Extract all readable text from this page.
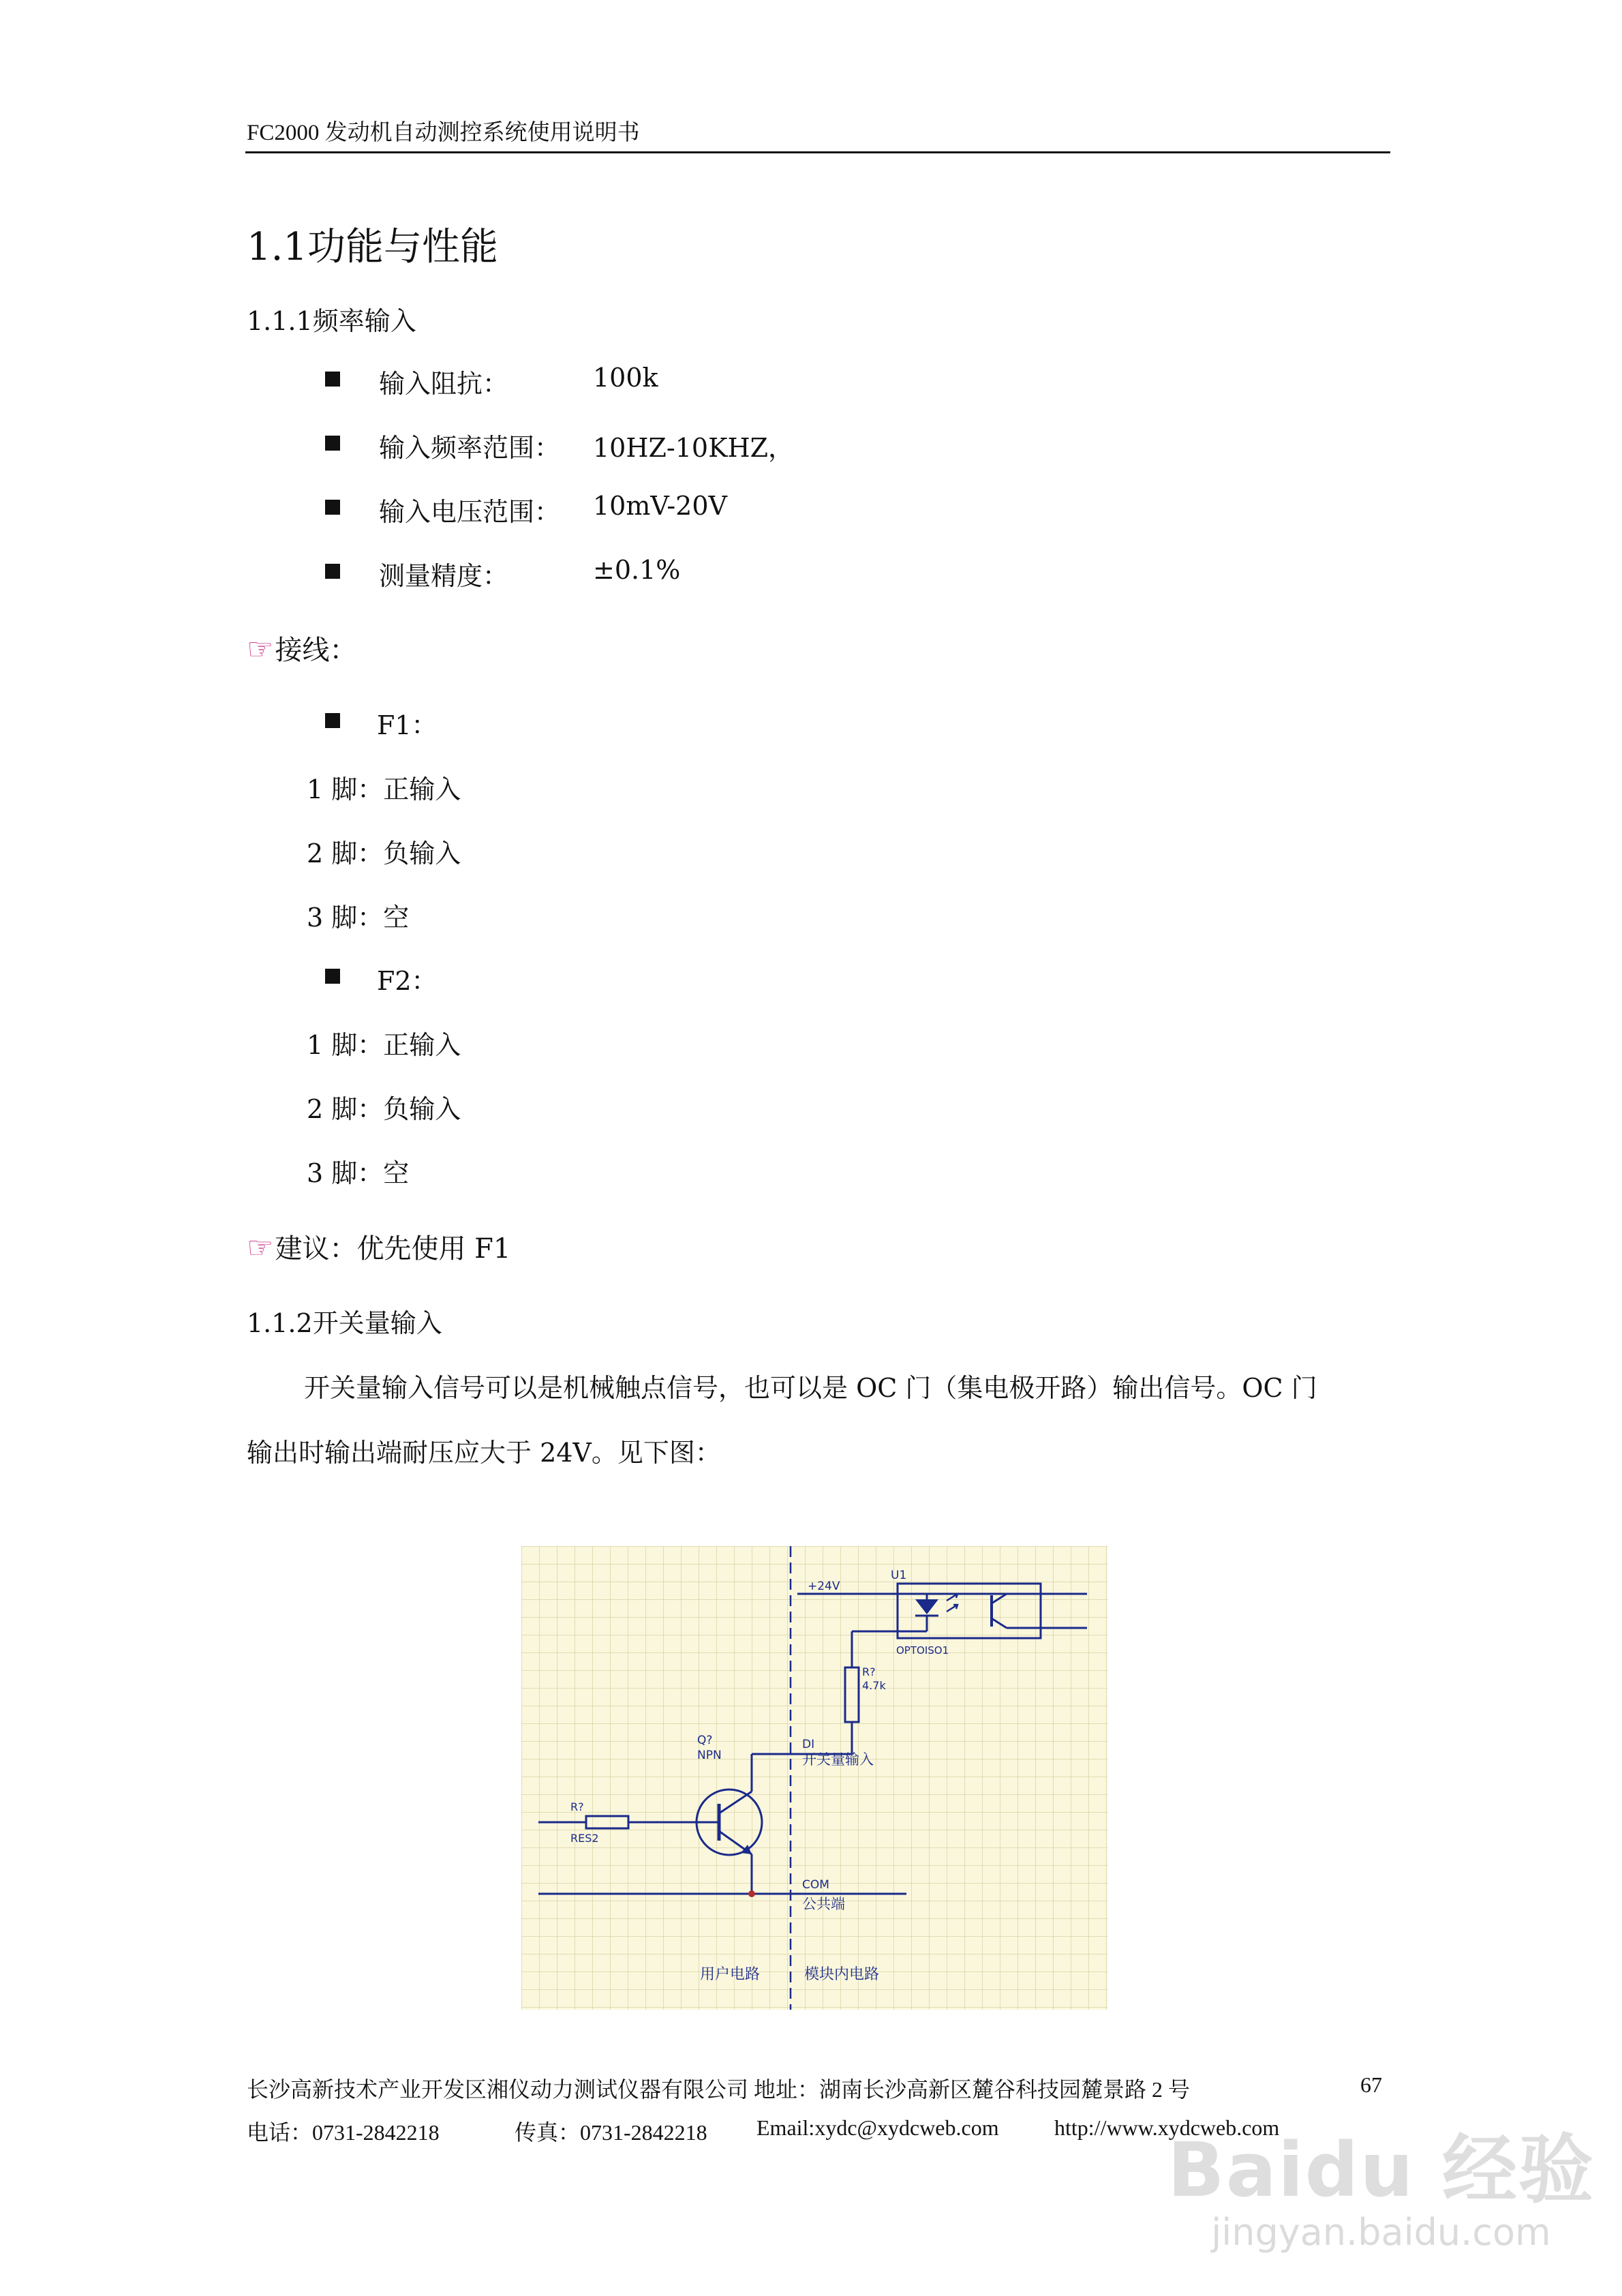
FC2000 发动机自动测控系统使用说明书
1.1功能与性能
1.1.1频率输入
输入阻抗：	100k
输入频率范围： 10HZ-10KHZ，
输入电压范围： 10mV-20V
测量精度：	±0.1%
☞接线：
F1：
1 脚：正输入
2 脚：负输入
3 脚：空
F2：
1 脚：正输入
2 脚：负输入
3 脚：空
☞建议：优先使用 F1
1.1.2开关量输入
开关量输入信号可以是机械触点信号，也可以是 OC 门（集电极开路）输出信号。OC 门
输出时输出端耐压应大于 24V。见下图：
+24V
U1
OPTOISO1
R?
4.7k
Q?
NPN
DI
开关量输入
R?
RES2
COM
公共端
用户电路	模块内电路
长沙高新技术产业开发区湘仪动力测试仪器有限公司 地址：湖南长沙高新区麓谷科技园麓景路 2 号	67
电话：0731-2842218	传真：0731-2842218 Email:xydc@xydcweb.com	http://www.xydcweb.com
Baidu 经验
jingyan.baidu.com
